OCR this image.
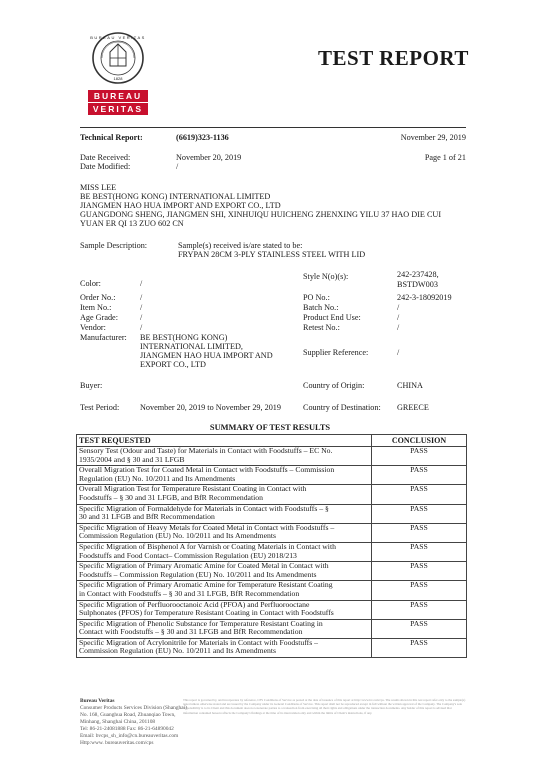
BUREAU VERITAS
1828
BUREAU
VERITAS
TEST REPORT
Technical Report:	(6619)323-1136	November 29, 2019
Date Received:	November 20, 2019	Page 1 of 21
Date Modified:	/
MISS LEE
BE BEST(HONG KONG) INTERNATIONAL LIMITED
JIANGMEN HAO HUA IMPORT AND EXPORT CO., LTD
GUANGDONG SHENG, JIANGMEN SHI, XINHUIQU HUICHENG ZHENXING YILU 37 HAO DIE CUI
YUAN ER QI 13 ZUO 602 CN
Sample Description:	Sample(s) received is/are stated to be:
FRYPAN 28CM 3-PLY STAINLESS STEEL WITH LID
Color:	/
Style N(o)(s):	242-237428,
BSTDW003
Order No.:	/	PO No.:	242-3-18092019
Item No.:	/	Batch No.:	/
Age Grade:	/	Product End Use:	/
Vendor:	/	Retest No.:	/
Manufacturer: BE BEST(HONG KONG)
INTERNATIONAL LIMITED,
JIANGMEN HAO HUA IMPORT AND
EXPORT CO., LTD
Supplier Reference:	/
Buyer:	Country of Origin:	CHINA
Test Period:	November 20, 2019 to November 29, 2019	Country of Destination: GREECE
SUMMARY OF TEST RESULTS
TEST REQUESTED	CONCLUSION
Sensory Test (Odour and Taste) for Materials in Contact with Foodstuffs – EC No.
1935/2004 and § 30 and 31 LFGB	PASS
Overall Migration Test for Coated Metal in Contact with Foodstuffs – Commission
Regulation (EU) No. 10/2011 and Its Amendments	PASS
Overall Migration Test for Temperature Resistant Coating in Contact with
Foodstuffs – § 30 and 31 LFGB, and BfR Recommendation	PASS
Specific Migration of Formaldehyde for Materials in Contact with Foodstuffs – §
30 and 31 LFGB and BfR Recommendation	PASS
Specific Migration of Heavy Metals for Coated Metal in Contact with Foodstuffs –
Commission Regulation (EU) No. 10/2011 and Its Amendments	PASS
Specific Migration of Bisphenol A for Varnish or Coating Materials in Contact with
Foodstuffs and Food Contact– Commission Regulation (EU) 2018/213	PASS
Specific Migration of Primary Aromatic Amine for Coated Metal in Contact with
Foodstuffs – Commission Regulation (EU) No. 10/2011 and Its Amendments	PASS
Specific Migration of Primary Aromatic Amine for Temperature Resistant Coating
in Contact with Foodstuffs – § 30 and 31 LFGB, BfR Recommendation	PASS
Specific Migration of Perfluorooctanoic Acid (PFOA) and Perfluorooctane
Sulphonates (PFOS) for Temperature Resistant Coating in Contact with Foodstuffs	PASS
Specific Migration of Phenolic Substance for Temperature Resistant Coating in
Contact with Foodstuffs – § 30 and 31 LFGB and BfR Recommendation	PASS
Specific Migration of Acrylonitrile for Materials in Contact with Foodstuffs –
Commission Regulation (EU) No. 10/2011 and Its Amendments	PASS
Bureau Veritas
Consumer Products Services Division (Shanghai)
No. 168, Guanghua Road, Zhuanqiao Town,
Minhang, Shanghai China, 201108
Tel: 86-21-24081888 Fax: 86-21-64890042
Email: bvcps_sh_info@cn.bureauveritas.com
Http:www. bureauveritas.com/cps
This report is governed by, and incorporates by reference, CPS Conditions of Service as posted at the date of issuance of this report at http://www.bv.com/cps. The results shown in this test report refer only to the sample(s) tested unless otherwise stated and are issued by the Company under its General Conditions of Service. This report shall not be reproduced except in full without the written approval of the Company. The Company's sole responsibility is to its Client and this document does not exonerate parties to a transaction from exercising all their rights and obligations under the transaction documents. Any holder of this report is advised that information contained hereon reflects the Company's findings at the time of its intervention only and within the limits of Client's instructions, if any.
